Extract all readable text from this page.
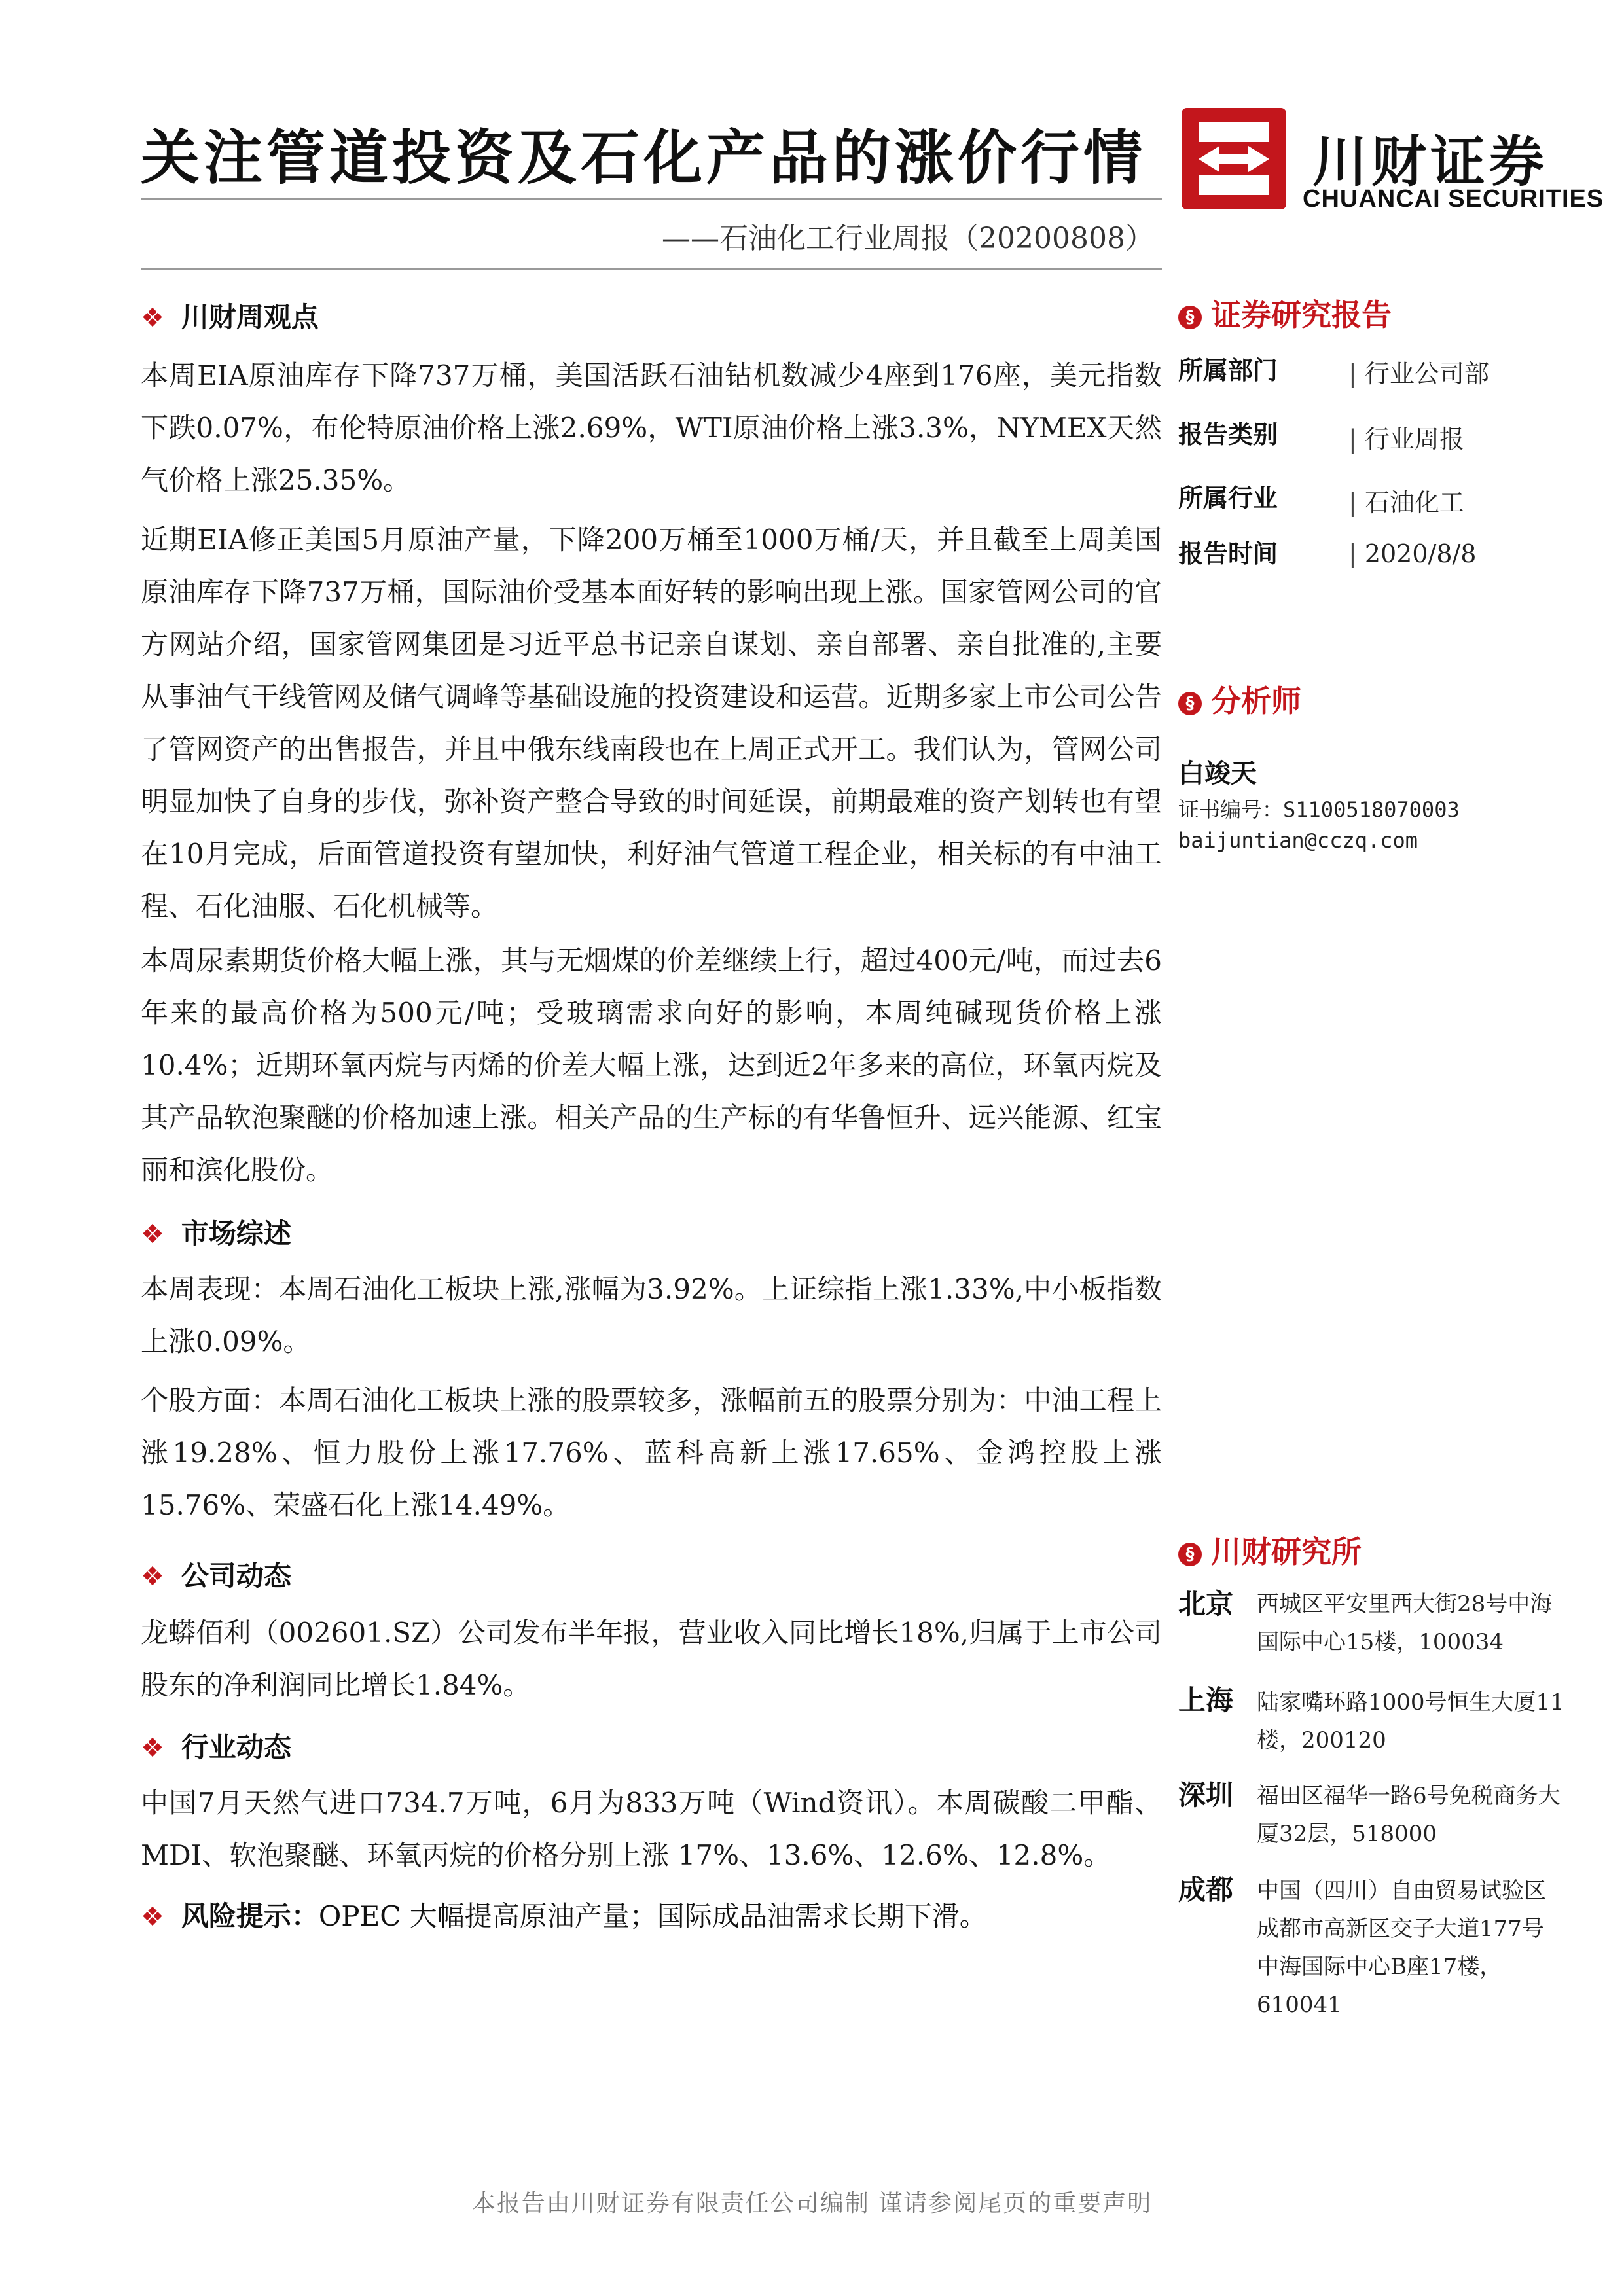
关注管道投资及石化产品的涨价行情
——石油化工行业周报（20200808）
川财证券
CHUANCAI SECURITIES
❖ 川财周观点

本周EIA原油库存下降737万桶，美国活跃石油钻机数减少4座到176座，美元指数下跌0.07%，布伦特原油价格上涨2.69%，WTI原油价格上涨3.3%，NYMEX天然气价格上涨25.35%。

近期EIA修正美国5月原油产量，下降200万桶至1000万桶/天，并且截至上周美国原油库存下降737万桶，国际油价受基本面好转的影响出现上涨。国家管网公司的官方网站介绍，国家管网集团是习近平总书记亲自谋划、亲自部署、亲自批准的,主要从事油气干线管网及储气调峰等基础设施的投资建设和运营。近期多家上市公司公告了管网资产的出售报告，并且中俄东线南段也在上周正式开工。我们认为，管网公司明显加快了自身的步伐，弥补资产整合导致的时间延误，前期最难的资产划转也有望在10月完成，后面管道投资有望加快，利好油气管道工程企业，相关标的有中油工程、石化油服、石化机械等。

本周尿素期货价格大幅上涨，其与无烟煤的价差继续上行，超过400元/吨，而过去6年来的最高价格为500元/吨；受玻璃需求向好的影响，本周纯碱现货价格上涨10.4%；近期环氧丙烷与丙烯的价差大幅上涨，达到近2年多来的高位，环氧丙烷及其产品软泡聚醚的价格加速上涨。相关产品的生产标的有华鲁恒升、远兴能源、红宝丽和滨化股份。

❖ 市场综述

本周表现：本周石油化工板块上涨,涨幅为3.92%。上证综指上涨1.33%,中小板指数上涨0.09%。

个股方面：本周石油化工板块上涨的股票较多，涨幅前五的股票分别为：中油工程上涨19.28%、恒力股份上涨17.76%、蓝科高新上涨17.65%、金鸿控股上涨15.76%、荣盛石化上涨14.49%。

❖ 公司动态

龙蟒佰利（002601.SZ）公司发布半年报，营业收入同比增长18%,归属于上市公司股东的净利润同比增长1.84%。

❖ 行业动态

中国7月天然气进口734.7万吨，6月为833万吨（Wind资讯）。本周碳酸二甲酯、MDI、软泡聚醚、环氧丙烷的价格分别上涨 17%、13.6%、12.6%、12.8%。

❖ 风险提示：OPEC 大幅提高原油产量；国际成品油需求长期下滑。
§ 证券研究报告
所属部门	| 行业公司部
报告类别	| 行业周报
所属行业	| 石油化工
报告时间	| 2020/8/8
§ 分析师
白竣天
证书编号：S1100518070003
baijuntian@cczq.com
§ 川财研究所
北京 西城区平安里西大街28号中海国际中心15楼，100034
上海 陆家嘴环路1000号恒生大厦11楼，200120
深圳 福田区福华一路6号免税商务大厦32层，518000
成都 中国（四川）自由贸易试验区成都市高新区交子大道177号中海国际中心B座17楼，610041
本报告由川财证券有限责任公司编制 谨请参阅尾页的重要声明
